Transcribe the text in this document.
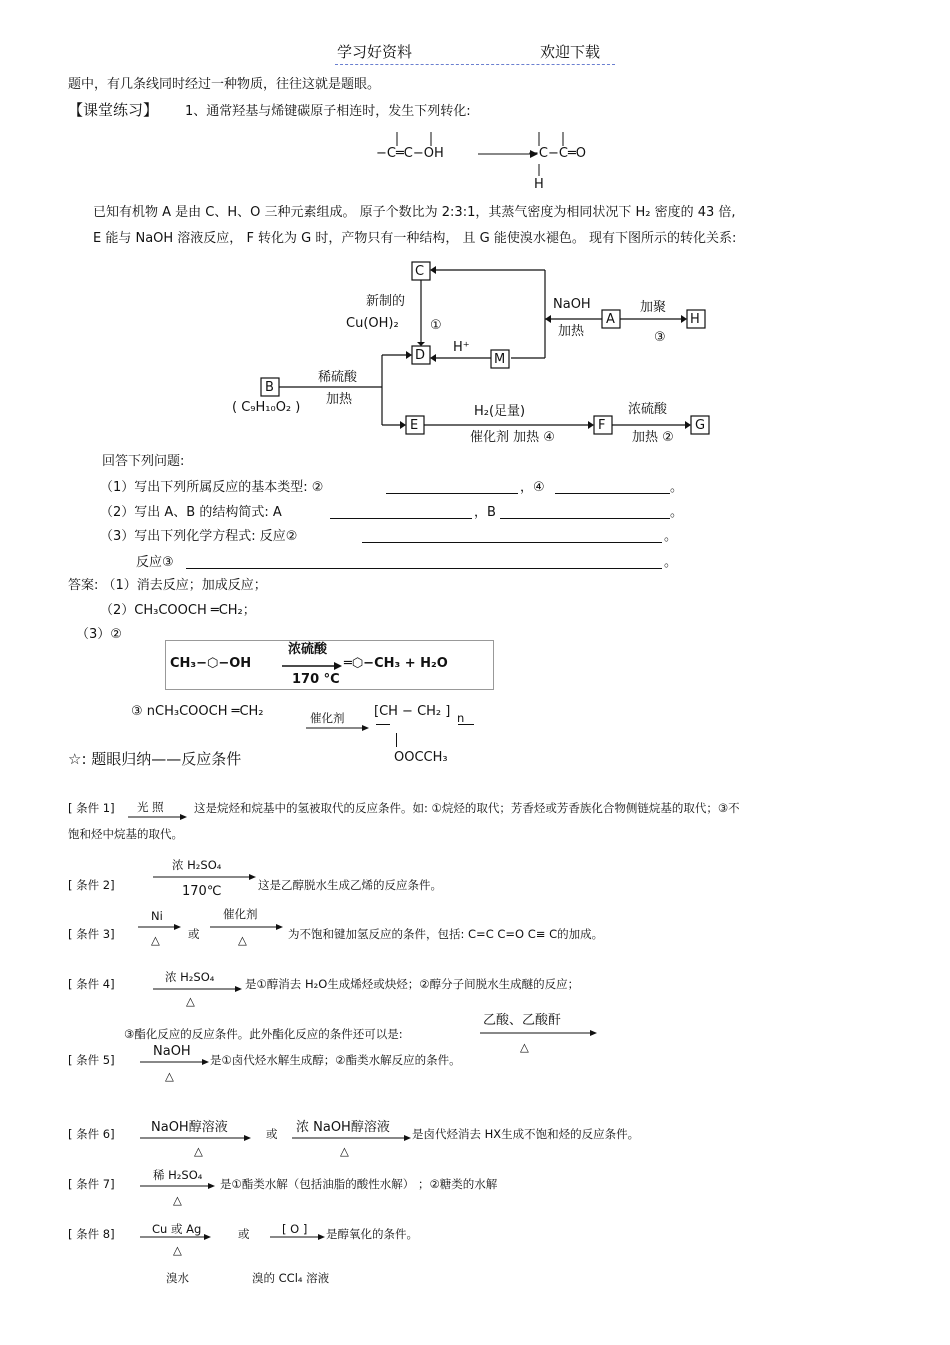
学习好资料	欢迎下载
题中，有几条线同时经过一种物质，往往这就是题眼。
【课堂练习】 1、通常羟基与烯键碳原子相连时，发生下列转化:
−C═C−OH	−C−C═O
H
已知有机物 A 是由 C、H、O 三种元素组成。 原子个数比为 2:3:1，其蒸气密度为相同状况下 H₂ 密度的 43 倍,
E 能与 NaOH 溶液反应， F 转化为 G 时，产物只有一种结构， 且 G 能使溴水褪色。 现有下图所示的转化关系:
C
D	M
A	H
B
E	F	G
新制的
Cu(OH)₂ ①
NaOH
加热
加聚
③
H⁺
稀硫酸
加热
( C₉H₁₀O₂ )	H₂(足量)
催化剂 加热 ④
浓硫酸
加热 ②
回答下列问题:
（1）写出下列所属反应的基本类型: ②	，④	。
（2）写出 A、B 的结构简式: A	，B	。
（3）写出下列化学方程式: 反应②	。
反应③	。
答案: （1）消去反应；加成反应；
（2）CH₃COOCH ═CH₂；
（3）②
CH₃−⬡−OH
浓硫酸
170 °C
═⬡−CH₃ + H₂O
③ nCH₃COOCH ═CH₂	催化剂 [CH − CH₂ ] n
OOCCH₃
☆: 题眼归纳——反应条件
[ 条件 1] 光 照	这是烷烃和烷基中的氢被取代的反应条件。如: ①烷烃的取代；芳香烃或芳香族化合物侧链烷基的取代；③不
饱和烃中烷基的取代。
[ 条件 2]
浓 H₂SO₄
170℃	这是乙醇脱水生成乙烯的反应条件。
[ 条件 3]
Ni
△ 或
催化剂
△	为不饱和键加氢反应的条件，包括: C=C C=O C≡ C的加成。
[ 条件 4]	浓 H₂SO₄
△
是①醇消去 H₂O生成烯烃或炔烃；②醇分子间脱水生成醚的反应；
③酯化反应的反应条件。此外酯化反应的条件还可以是:
乙酸、乙酸酐
△
[ 条件 5]
NaOH
△
是①卤代烃水解生成醇；②酯类水解反应的条件。
[ 条件 6]	NaOH醇溶液
△
或 浓 NaOH醇溶液
△
是卤代烃消去 HX生成不饱和烃的反应条件。
[ 条件 7]
稀 H₂SO₄
△
是①酯类水解（包括油脂的酸性水解） ；②糖类的水解
[ 条件 8]	Cu 或 Ag
△
或	[ O ] 是醇氧化的条件。
溴水	溴的 CCl₄ 溶液
